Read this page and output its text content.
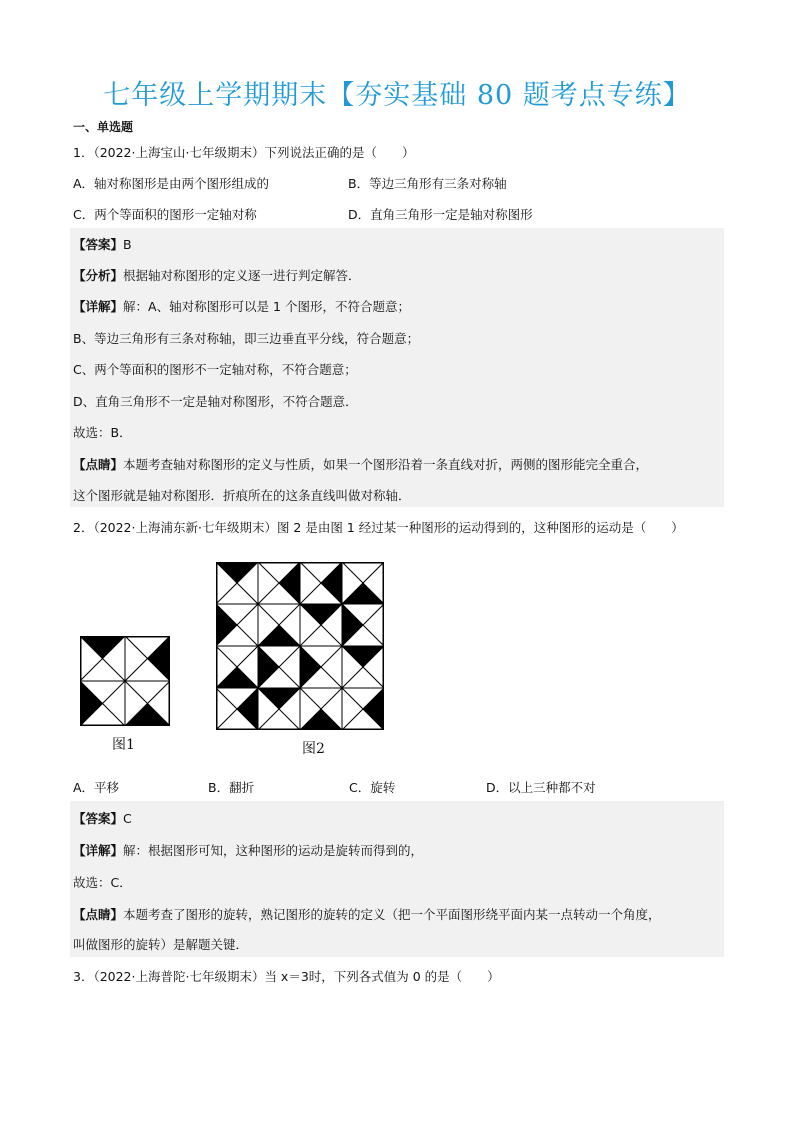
七年级上学期期末【夯实基础 80 题考点专练】
一、单选题
1．（2022·上海宝山·七年级期末）下列说法正确的是（　　）
A．轴对称图形是由两个图形组成的	B．等边三角形有三条对称轴
C．两个等面积的图形一定轴对称	D．直角三角形一定是轴对称图形
【答案】B
【分析】根据轴对称图形的定义逐一进行判定解答．
【详解】解：A、轴对称图形可以是 1 个图形，不符合题意；
B、等边三角形有三条对称轴，即三边垂直平分线，符合题意；
C、两个等面积的图形不一定轴对称，不符合题意；
D、直角三角形不一定是轴对称图形，不符合题意．
故选：B．
【点睛】本题考查轴对称图形的定义与性质，如果一个图形沿着一条直线对折，两侧的图形能完全重合，
这个图形就是轴对称图形．折痕所在的这条直线叫做对称轴．
2．（2022·上海浦东新·七年级期末）图 2 是由图 1 经过某一种图形的运动得到的，这种图形的运动是（　　）
图1	图2
A．平移	B．翻折	C．旋转	D．以上三种都不对
【答案】C
【详解】解：根据图形可知，这种图形的运动是旋转而得到的，
故选：C．
【点睛】本题考查了图形的旋转，熟记图形的旋转的定义（把一个平面图形绕平面内某一点转动一个角度，
叫做图形的旋转）是解题关键．
3．（2022·上海普陀·七年级期末）当 x＝3时，下列各式值为 0 的是（　　）
